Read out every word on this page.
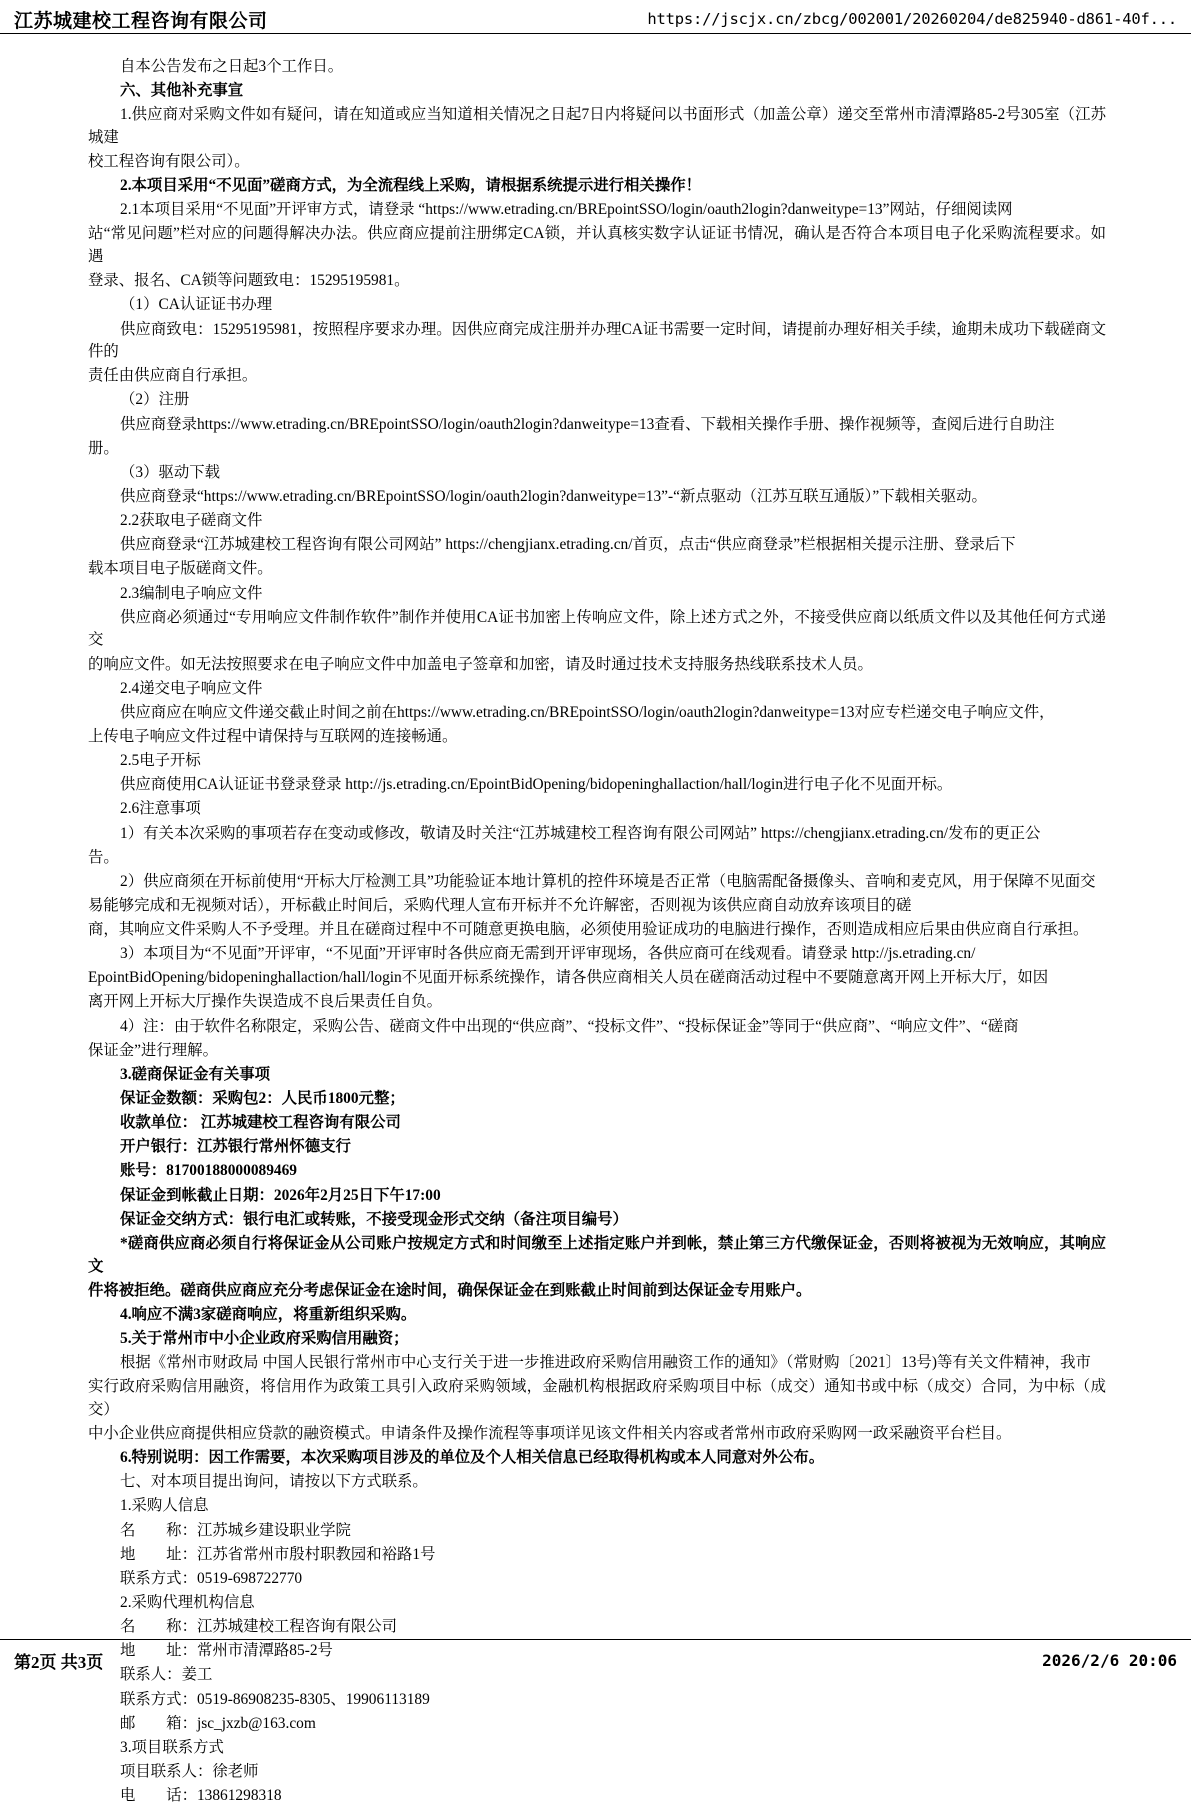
江苏城建校工程咨询有限公司	https://jscjx.cn/zbcg/002001/20260204/de825940-d861-40f...

自本公告发布之日起3个工作日。

六、其他补充事宣

1.供应商对采购文件如有疑问，请在知道或应当知道相关情况之日起7日内将疑问以书面形式（加盖公章）递交至常州市清潭路85-2号305室（江苏城建

校工程咨询有限公司）。

2.本项目采用“不见面”磋商方式，为全流程线上采购，请根据系统提示进行相关操作！

2.1本项目采用“不见面”开评审方式，请登录 “https://www.etrading.cn/BREpointSSO/login/oauth2login?danweitype=13”网站，仔细阅读网

站“常见问题”栏对应的问题得解决办法。供应商应提前注册绑定CA锁，并认真核实数字认证证书情况，确认是否符合本项目电子化采购流程要求。如遇

登录、报名、CA锁等问题致电：15295195981。

（1）CA认证证书办理

供应商致电：15295195981，按照程序要求办理。因供应商完成注册并办理CA证书需要一定时间，请提前办理好相关手续，逾期未成功下载磋商文件的

责任由供应商自行承担。

（2）注册

供应商登录https://www.etrading.cn/BREpointSSO/login/oauth2login?danweitype=13查看、下载相关操作手册、操作视频等，查阅后进行自助注

册。

（3）驱动下载

供应商登录“https://www.etrading.cn/BREpointSSO/login/oauth2login?danweitype=13”-“新点驱动（江苏互联互通版）”下载相关驱动。

2.2获取电子磋商文件

供应商登录“江苏城建校工程咨询有限公司网站” https://chengjianx.etrading.cn/首页，点击“供应商登录”栏根据相关提示注册、登录后下

载本项目电子版磋商文件。

2.3编制电子响应文件

供应商必须通过“专用响应文件制作软件”制作并使用CA证书加密上传响应文件，除上述方式之外，不接受供应商以纸质文件以及其他任何方式递交

的响应文件。如无法按照要求在电子响应文件中加盖电子签章和加密，请及时通过技术支持服务热线联系技术人员。

2.4递交电子响应文件

供应商应在响应文件递交截止时间之前在https://www.etrading.cn/BREpointSSO/login/oauth2login?danweitype=13对应专栏递交电子响应文件，

上传电子响应文件过程中请保持与互联网的连接畅通。

2.5电子开标

供应商使用CA认证证书登录登录 http://js.etrading.cn/EpointBidOpening/bidopeninghallaction/hall/login进行电子化不见面开标。

2.6注意事项

1）有关本次采购的事项若存在变动或修改，敬请及时关注“江苏城建校工程咨询有限公司网站” https://chengjianx.etrading.cn/发布的更正公

告。

2）供应商须在开标前使用“开标大厅检测工具”功能验证本地计算机的控件环境是否正常（电脑需配备摄像头、音响和麦克风，用于保障不见面交

易能够完成和无视频对话），开标截止时间后，采购代理人宣布开标并不允许解密，否则视为该供应商自动放弃该项目的磋

商，其响应文件采购人不予受理。并且在磋商过程中不可随意更换电脑，必须使用验证成功的电脑进行操作，否则造成相应后果由供应商自行承担。

3）本项目为“不见面”开评审，“不见面”开评审时各供应商无需到开评审现场，各供应商可在线观看。请登录 http://js.etrading.cn/

EpointBidOpening/bidopeninghallaction/hall/login不见面开标系统操作，请各供应商相关人员在磋商活动过程中不要随意离开网上开标大厅，如因

离开网上开标大厅操作失误造成不良后果责任自负。

4）注：由于软件名称限定，采购公告、磋商文件中出现的“供应商”、“投标文件”、“投标保证金”等同于“供应商”、“响应文件”、“磋商

保证金”进行理解。

3.磋商保证金有关事项

保证金数额：采购包2：人民币1800元整；

收款单位： 江苏城建校工程咨询有限公司

开户银行：江苏银行常州怀德支行

账号：81700188000089469

保证金到帐截止日期：2026年2月25日下午17:00

保证金交纳方式：银行电汇或转账，不接受现金形式交纳（备注项目编号）

*磋商供应商必须自行将保证金从公司账户按规定方式和时间缴至上述指定账户并到帐，禁止第三方代缴保证金，否则将被视为无效响应，其响应文

件将被拒绝。磋商供应商应充分考虑保证金在途时间，确保保证金在到账截止时间前到达保证金专用账户。

4.响应不满3家磋商响应，将重新组织采购。

5.关于常州市中小企业政府采购信用融资；

根据《常州市财政局 中国人民银行常州市中心支行关于进一步推进政府采购信用融资工作的通知》（常财购〔2021〕13号)等有关文件精神，我市

实行政府采购信用融资，将信用作为政策工具引入政府采购领域，金融机构根据政府采购项目中标（成交）通知书或中标（成交）合同，为中标（成交）

中小企业供应商提供相应贷款的融资模式。申请条件及操作流程等事项详见该文件相关内容或者常州市政府采购网一政采融资平台栏目。

6.特别说明：因工作需要，本次采购项目涉及的单位及个人相关信息已经取得机构或本人同意对外公布。

七、对本项目提出询问，请按以下方式联系。

1.采购人信息

名　　称：江苏城乡建设职业学院

地　　址：江苏省常州市殷村职教园和裕路1号

联系方式：0519-698722770

2.采购代理机构信息

名　　称：江苏城建校工程咨询有限公司

地　　址：常州市清潭路85-2号

联系人：姜工

联系方式：0519-86908235-8305、19906113189

邮　　箱：jsc_jxzb@163.com

3.项目联系方式

项目联系人：徐老师

电　　话：13861298318

第2页 共3页	2026/2/6 20:06
